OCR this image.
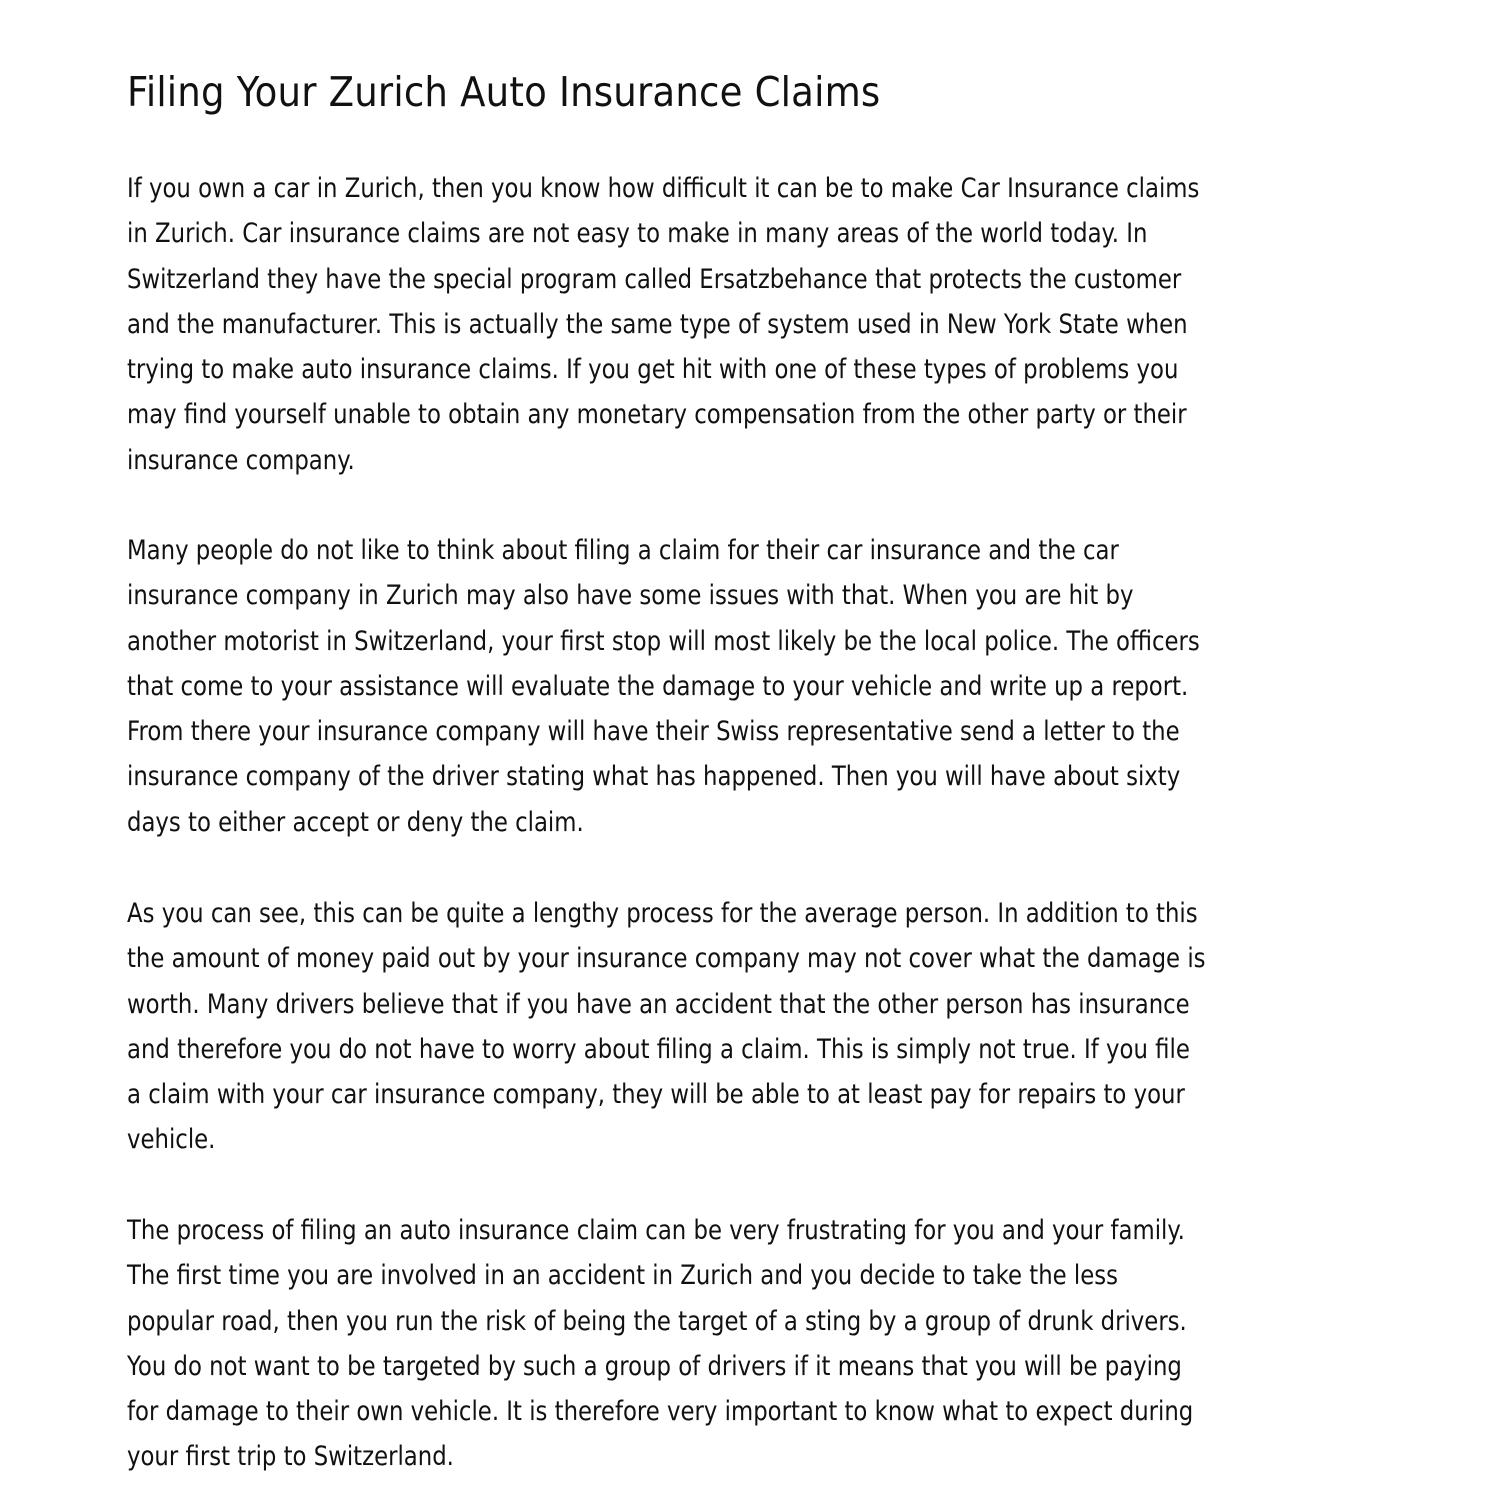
Filing Your Zurich Auto Insurance Claims
If you own a car in Zurich, then you know how difficult it can be to make Car Insurance claims
in Zurich. Car insurance claims are not easy to make in many areas of the world today. In
Switzerland they have the special program called Ersatzbehance that protects the customer
and the manufacturer. This is actually the same type of system used in New York State when
trying to make auto insurance claims. If you get hit with one of these types of problems you
may find yourself unable to obtain any monetary compensation from the other party or their
insurance company.
Many people do not like to think about filing a claim for their car insurance and the car
insurance company in Zurich may also have some issues with that. When you are hit by
another motorist in Switzerland, your first stop will most likely be the local police. The officers
that come to your assistance will evaluate the damage to your vehicle and write up a report.
From there your insurance company will have their Swiss representative send a letter to the
insurance company of the driver stating what has happened. Then you will have about sixty
days to either accept or deny the claim.
As you can see, this can be quite a lengthy process for the average person. In addition to this
the amount of money paid out by your insurance company may not cover what the damage is
worth. Many drivers believe that if you have an accident that the other person has insurance
and therefore you do not have to worry about filing a claim. This is simply not true. If you file
a claim with your car insurance company, they will be able to at least pay for repairs to your
vehicle.
The process of filing an auto insurance claim can be very frustrating for you and your family.
The first time you are involved in an accident in Zurich and you decide to take the less
popular road, then you run the risk of being the target of a sting by a group of drunk drivers.
You do not want to be targeted by such a group of drivers if it means that you will be paying
for damage to their own vehicle. It is therefore very important to know what to expect during
your first trip to Switzerland.
